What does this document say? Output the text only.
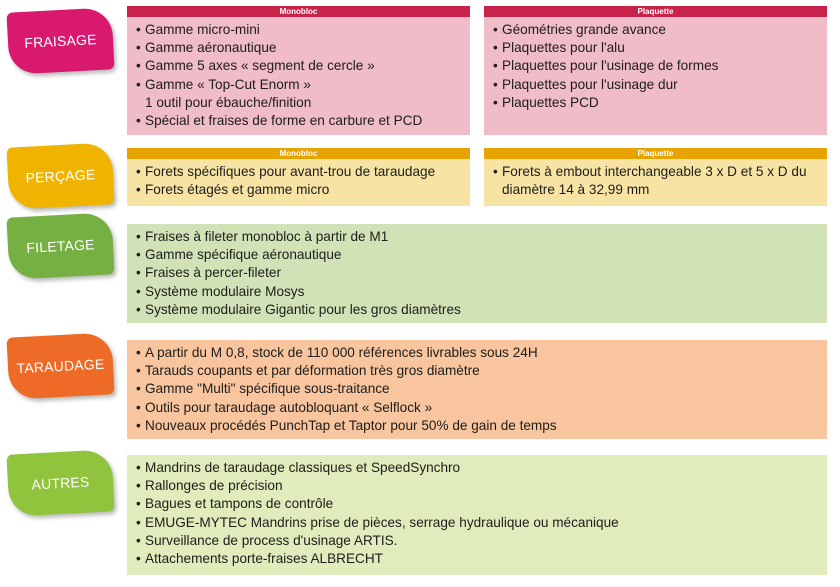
FRAISAGE
Monobloc
• Gamme micro-mini
• Gamme aéronautique
• Gamme 5 axes « segment de cercle »
• Gamme « Top-Cut Enorm »
1 outil pour ébauche/finition
• Spécial et fraises de forme en carbure et PCD
Plaquette
• Géométries grande avance
• Plaquettes pour l'alu
• Plaquettes pour l'usinage de formes
• Plaquettes pour l'usinage dur
• Plaquettes PCD
PERÇAGE
Monobloc
• Forets spécifiques pour avant-trou de taraudage
• Forets étagés et gamme micro
Plaquette
• Forets à embout interchangeable 3 x D et 5 x D du
diamètre 14 à 32,99 mm
FILETAGE
•	Fraises à fileter monobloc à partir de M1
• Gamme spécifique aéronautique
• Fraises à percer-fileter
• Système modulaire Mosys
• Système modulaire Gigantic pour les gros diamètres
TARAUDAGE
• A partir du M 0,8, stock de 110 000 références livrables sous 24H
• Tarauds coupants et par déformation très gros diamètre
• Gamme "Multi" spécifique sous-traitance
• Outils pour taraudage autobloquant « Selflock »
• Nouveaux procédés PunchTap et Taptor pour 50% de gain de temps
AUTRES
• Mandrins de taraudage classiques et SpeedSynchro
• Rallonges de précision
• Bagues et tampons de contrôle
• EMUGE-MYTEC Mandrins prise de pièces, serrage hydraulique ou mécanique
• Surveillance de process d'usinage ARTIS.
• Attachements porte-fraises ALBRECHT
